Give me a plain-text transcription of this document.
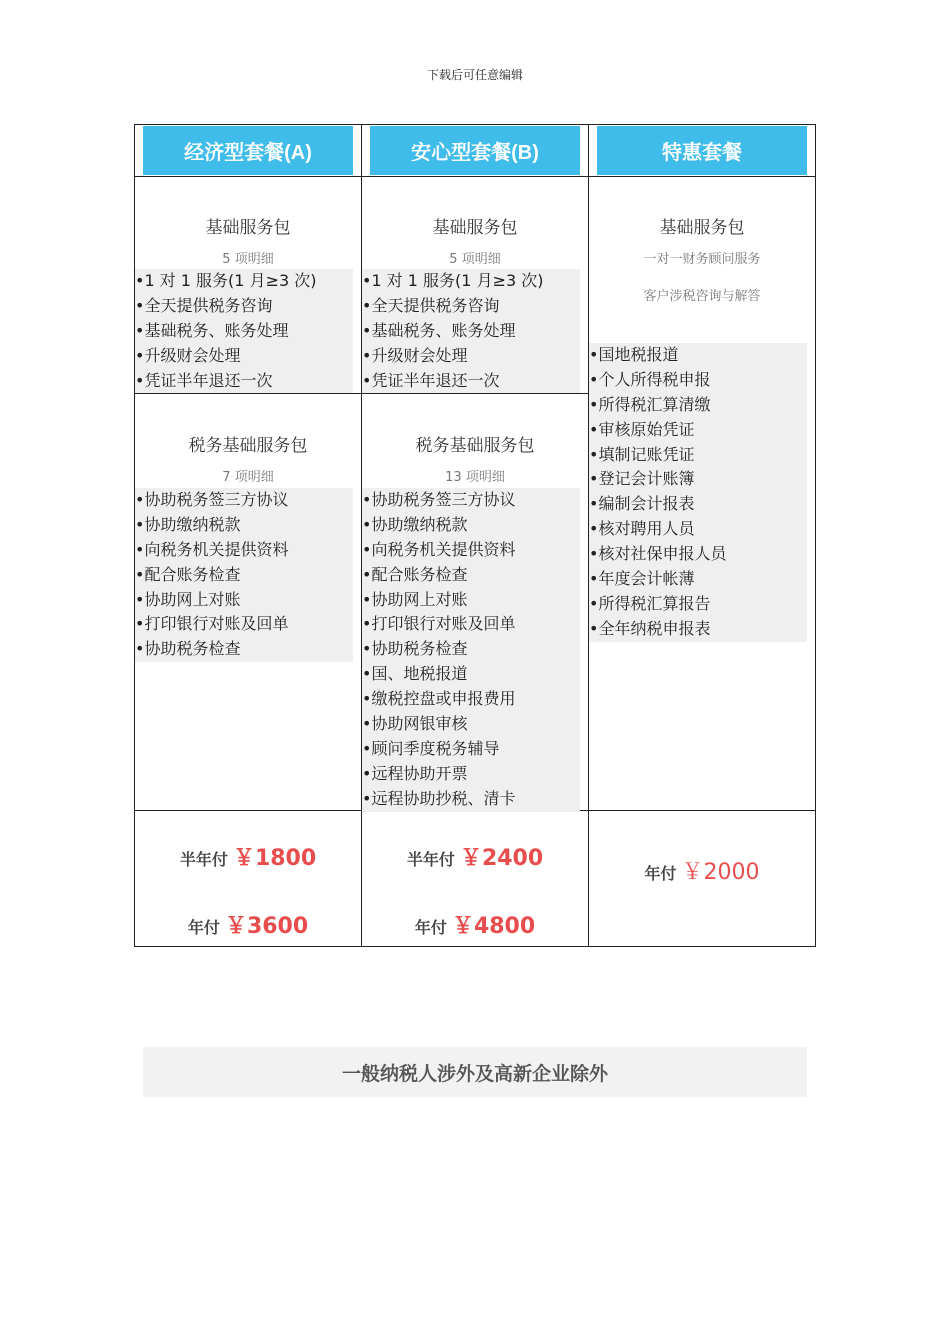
下载后可任意编辑
经济型套餐(A)
基础服务包
5 项明细
• 1 对 1 服务(1 月≥3 次)
• 全天提供税务咨询
• 基础税务、账务处理
• 升级财会处理
• 凭证半年退还一次
税务基础服务包
7 项明细
• 协助税务签三方协议
• 协助缴纳税款
• 向税务机关提供资料
• 配合账务检查
• 协助网上对账
• 打印银行对账及回单
• 协助税务检查
半年付 ￥1800
年付 ￥3600
安心型套餐(B)
基础服务包
5 项明细
• 1 对 1 服务(1 月≥3 次)
• 全天提供税务咨询
• 基础税务、账务处理
• 升级财会处理
• 凭证半年退还一次
税务基础服务包
13 项明细
• 协助税务签三方协议
• 协助缴纳税款
• 向税务机关提供资料
• 配合账务检查
• 协助网上对账
• 打印银行对账及回单
• 协助税务检查
• 国、地税报道
• 缴税控盘或申报费用
• 协助网银审核
• 顾问季度税务辅导
• 远程协助开票
• 远程协助抄税、清卡
半年付 ￥2400
年付 ￥4800
特惠套餐
基础服务包
一对一财务顾问服务
客户涉税咨询与解答
• 国地税报道
• 个人所得税申报
• 所得税汇算清缴
• 审核原始凭证
• 填制记账凭证
• 登记会计账簿
• 编制会计报表
• 核对聘用人员
• 核对社保申报人员
• 年度会计帐薄
• 所得税汇算报告
• 全年纳税申报表
年付 ￥2000
一般纳税人涉外及高新企业除外
